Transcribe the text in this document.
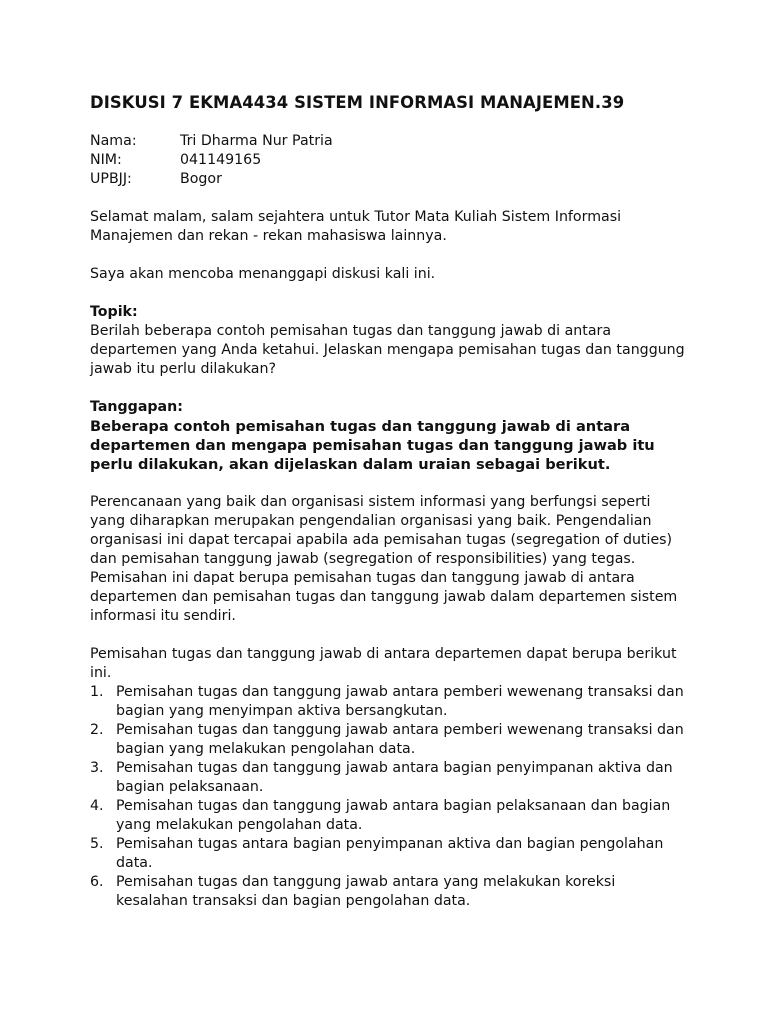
DISKUSI 7 EKMA4434 SISTEM INFORMASI MANAJEMEN.39
Nama:	Tri Dharma Nur Patria
NIM:	041149165
UPBJJ:	Bogor

Selamat malam, salam sejahtera untuk Tutor Mata Kuliah Sistem Informasi Manajemen dan rekan - rekan mahasiswa lainnya.

Saya akan mencoba menanggapi diskusi kali ini.

Topik:

Berilah beberapa contoh pemisahan tugas dan tanggung jawab di antara departemen yang Anda ketahui. Jelaskan mengapa pemisahan tugas dan tanggung jawab itu perlu dilakukan?

Tanggapan:

Beberapa contoh pemisahan tugas dan tanggung jawab di antara departemen dan mengapa pemisahan tugas dan tanggung jawab itu perlu dilakukan, akan dijelaskan dalam uraian sebagai berikut.

Perencanaan yang baik dan organisasi sistem informasi yang berfungsi seperti yang diharapkan merupakan pengendalian organisasi yang baik. Pengendalian organisasi ini dapat tercapai apabila ada pemisahan tugas (segregation of duties) dan pemisahan tanggung jawab (segregation of responsibilities) yang tegas. Pemisahan ini dapat berupa pemisahan tugas dan tanggung jawab di antara departemen dan pemisahan tugas dan tanggung jawab dalam departemen sistem informasi itu sendiri.

Pemisahan tugas dan tanggung jawab di antara departemen dapat berupa berikut ini.

1. Pemisahan tugas dan tanggung jawab antara pemberi wewenang transaksi dan bagian yang menyimpan aktiva bersangkutan.
2. Pemisahan tugas dan tanggung jawab antara pemberi wewenang transaksi dan bagian yang melakukan pengolahan data.
3. Pemisahan tugas dan tanggung jawab antara bagian penyimpanan aktiva dan bagian pelaksanaan.
4. Pemisahan tugas dan tanggung jawab antara bagian pelaksanaan dan bagian yang melakukan pengolahan data.
5. Pemisahan tugas antara bagian penyimpanan aktiva dan bagian pengolahan data.
6. Pemisahan tugas dan tanggung jawab antara yang melakukan koreksi kesalahan transaksi dan bagian pengolahan data.
